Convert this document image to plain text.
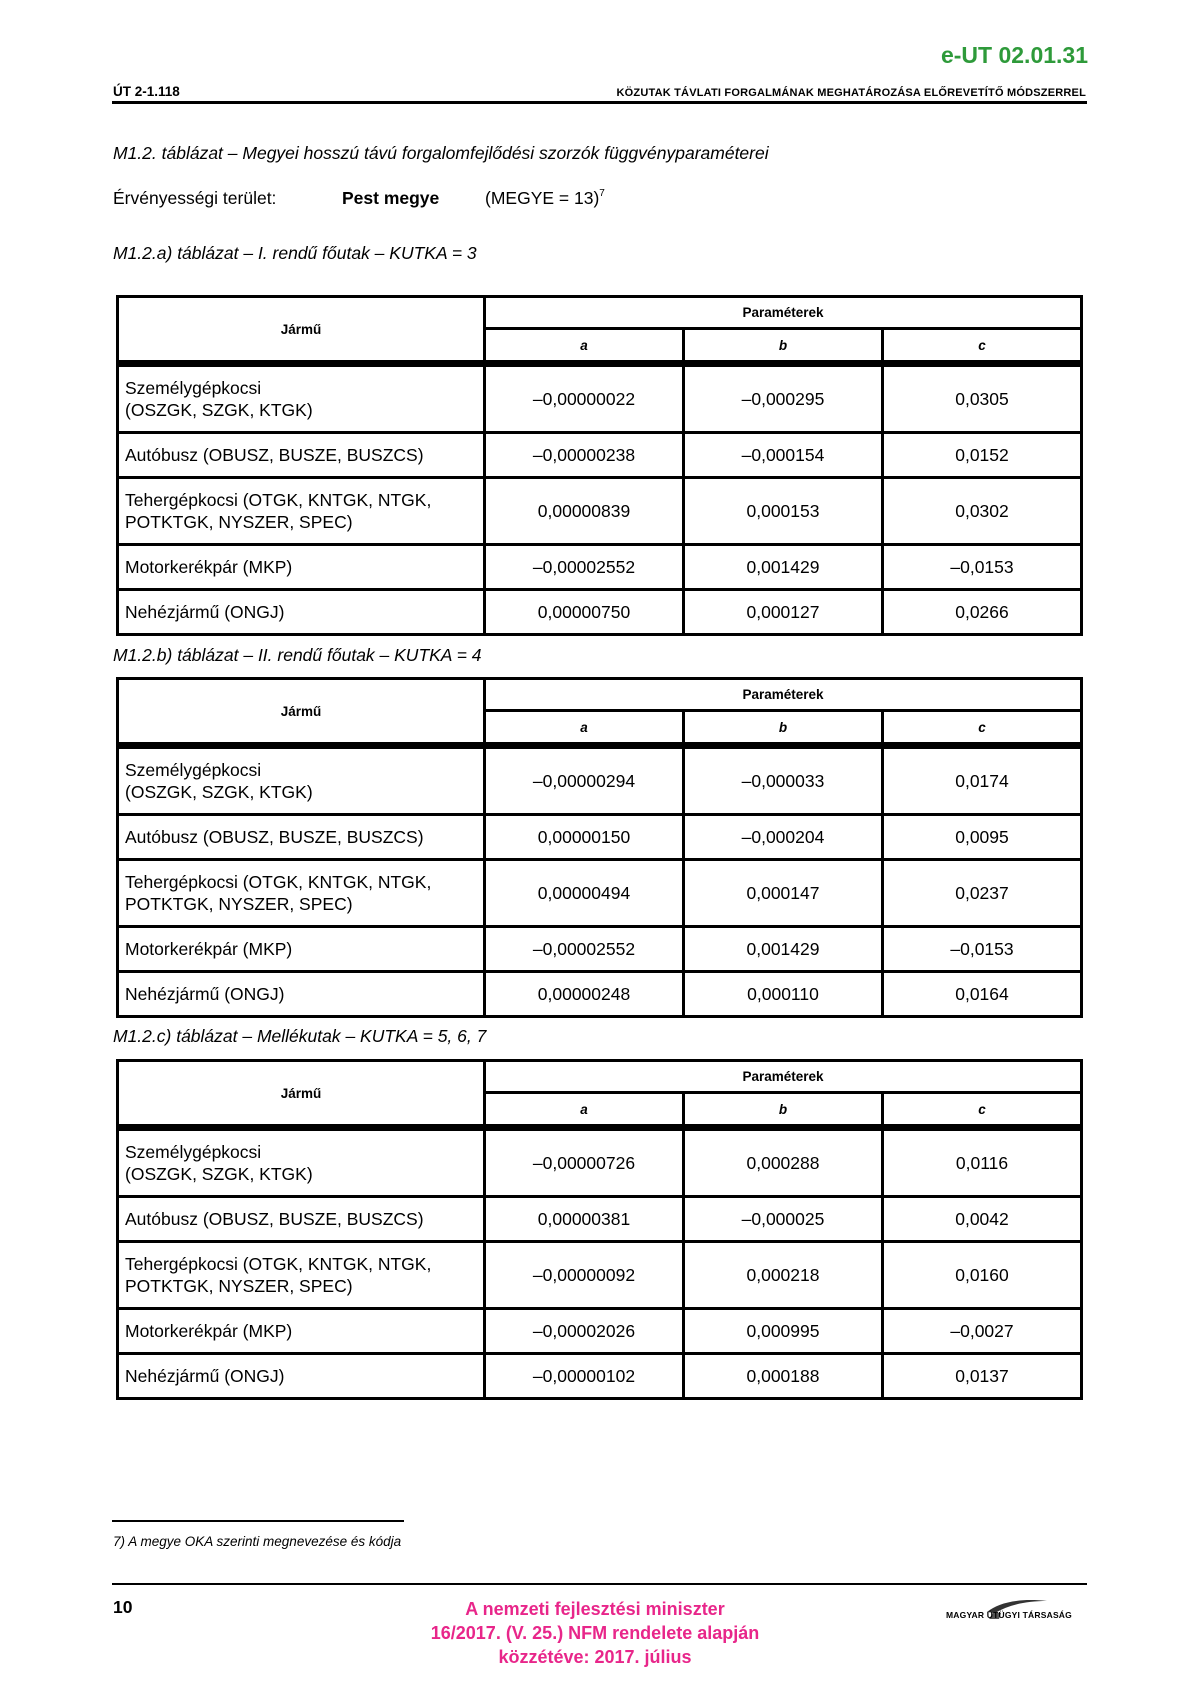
e-UT 02.01.31
ÚT 2-1.118	KÖZUTAK TÁVLATI FORGALMÁNAK MEGHATÁROZÁSA ELŐREVETÍTŐ MÓDSZERREL
M1.2. táblázat – Megyei hosszú távú forgalomfejlődési szorzók függvényparaméterei
Érvényességi terület:	Pest megye	(MEGYE = 13)$^7$
M1.2.a) táblázat – I. rendű főutak – KUTKA = 3
Jármű	Paraméterek		
	a	b	c

Személygépkocsi
(OSZGK, SZGK, KTGK)	–0,00000022	–0,000295	0,0305

Autóbusz (OBUSZ, BUSZE, BUSZCS)	–0,00000238	–0,000154	0,0152

Tehergépkocsi (OTGK, KNTGK, NTGK,
POTKTGK, NYSZER, SPEC)	0,00000839	0,000153	0,0302

Motorkerékpár (MKP)	–0,00002552	0,001429	–0,0153

Nehézjármű (ONGJ)	0,00000750	0,000127	0,0266
M1.2.b) táblázat – II. rendű főutak – KUTKA = 4
Jármű	Paraméterek		
	a	b	c

Személygépkocsi
(OSZGK, SZGK, KTGK)	–0,00000294	–0,000033	0,0174

Autóbusz (OBUSZ, BUSZE, BUSZCS)	0,00000150	–0,000204	0,0095

Tehergépkocsi (OTGK, KNTGK, NTGK,
POTKTGK, NYSZER, SPEC)	0,00000494	0,000147	0,0237

Motorkerékpár (MKP)	–0,00002552	0,001429	–0,0153

Nehézjármű (ONGJ)	0,00000248	0,000110	0,0164
M1.2.c) táblázat – Mellékutak – KUTKA = 5, 6, 7
Jármű	Paraméterek		
	a	b	c

Személygépkocsi
(OSZGK, SZGK, KTGK)	–0,00000726	0,000288	0,0116

Autóbusz (OBUSZ, BUSZE, BUSZCS)	0,00000381	–0,000025	0,0042

Tehergépkocsi (OTGK, KNTGK, NTGK,
POTKTGK, NYSZER, SPEC)	–0,00000092	0,000218	0,0160

Motorkerékpár (MKP)	–0,00002026	0,000995	–0,0027

Nehézjármű (ONGJ)	–0,00000102	0,000188	0,0137
7) A megye OKA szerinti megnevezése és kódja
10	A nemzeti fejlesztési miniszter
16/2017. (V. 25.) NFM rendelete alapján
közzétéve: 2017. július
MAGYAR ÚTÜGYI TÁRSASÁG
